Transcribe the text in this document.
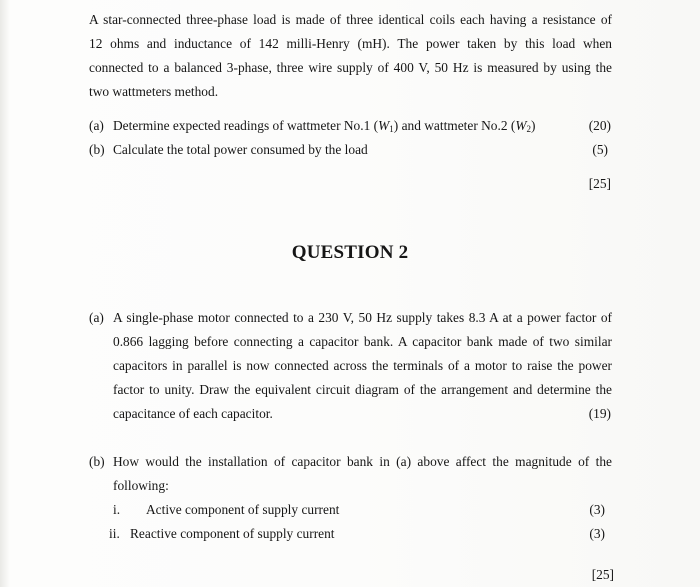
A star-connected three-phase load is made of three identical coils each having a resistance of
12 ohms and inductance of 142 milli-Henry (mH). The power taken by this load when
connected to a balanced 3-phase, three wire supply of 400 V, 50 Hz is measured by using the
two wattmeters method.
(a) Determine expected readings of wattmeter No.1 $(W_1)$ and wattmeter No.2 $(W_2)$	(20)
(b) Calculate the total power consumed by the load	(5)
[25]
QUESTION 2
(a) A single-phase motor connected to a 230 V, 50 Hz supply takes 8.3 A at a power factor of
0.866 lagging before connecting a capacitor bank. A capacitor bank made of two similar
capacitors in parallel is now connected across the terminals of a motor to raise the power
factor to unity. Draw the equivalent circuit diagram of the arrangement and determine the
capacitance of each capacitor.	(19)
(b) How would the installation of capacitor bank in (a) above affect the magnitude of the
following:
i. Active component of supply current	(3)
ii. Reactive component of supply current	(3)
[25]
